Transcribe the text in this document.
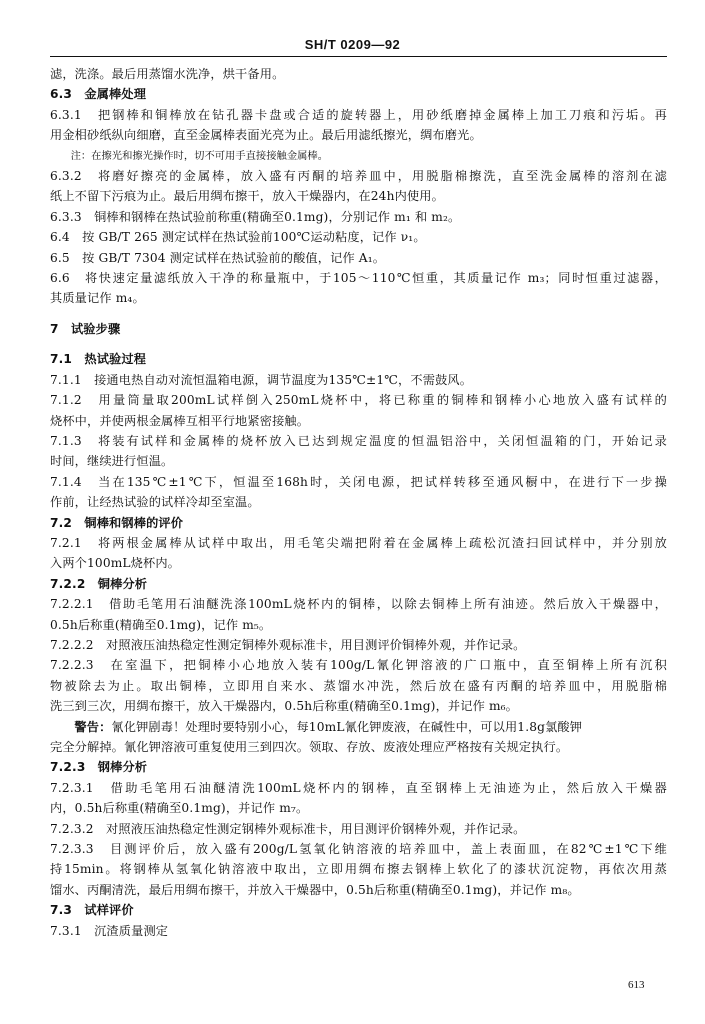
SH/T 0209—92
滤，洗涤。最后用蒸馏水洗净，烘干备用。
6.3　金属棒处理
6.3.1　把钢棒和铜棒放在钻孔器卡盘或合适的旋转器上，用砂纸磨掉金属棒上加工刀痕和污垢。再
用金相砂纸纵向细磨，直至金属棒表面光亮为止。最后用滤纸擦光，绸布磨光。
注：在擦光和擦光操作时，切不可用手直接接触金属棒。
6.3.2　将磨好擦亮的金属棒，放入盛有丙酮的培养皿中，用脱脂棉擦洗，直至洗金属棒的溶剂在滤
纸上不留下污痕为止。最后用绸布擦干，放入干燥器内，在24h内使用。
6.3.3　铜棒和钢棒在热试验前称重(精确至0.1mg)，分别记作 m₁ 和 m₂。
6.4　按 GB/T 265 测定试样在热试验前100℃运动粘度，记作 ν₁。
6.5　按 GB/T 7304 测定试样在热试验前的酸值，记作 A₁。
6.6　将快速定量滤纸放入干净的称量瓶中，于105～110℃恒重，其质量记作 m₃；同时恒重过滤器，
其质量记作 m₄。
7　试验步骤
7.1　热试验过程
7.1.1　接通电热自动对流恒温箱电源，调节温度为135℃±1℃，不需鼓风。
7.1.2　用量筒量取200mL试样倒入250mL烧杯中，将已称重的铜棒和钢棒小心地放入盛有试样的
烧杯中，并使两根金属棒互相平行地紧密接触。
7.1.3　将装有试样和金属棒的烧杯放入已达到规定温度的恒温铝浴中，关闭恒温箱的门，开始记录
时间，继续进行恒温。
7.1.4　当在135℃±1℃下，恒温至168h时，关闭电源，把试样转移至通风橱中，在进行下一步操
作前，让经热试验的试样冷却至室温。
7.2　铜棒和钢棒的评价
7.2.1　将两根金属棒从试样中取出，用毛笔尖端把附着在金属棒上疏松沉渣扫回试样中，并分别放
入两个100mL烧杯内。
7.2.2　铜棒分析
7.2.2.1　借助毛笔用石油醚洗涤100mL烧杯内的铜棒，以除去铜棒上所有油迹。然后放入干燥器中，
0.5h后称重(精确至0.1mg)，记作 m₅。
7.2.2.2　对照液压油热稳定性测定铜棒外观标准卡，用目测评价铜棒外观，并作记录。
7.2.2.3　在室温下，把铜棒小心地放入装有100g/L氰化钾溶液的广口瓶中，直至铜棒上所有沉积
物被除去为止。取出铜棒，立即用自来水、蒸馏水冲洗，然后放在盛有丙酮的培养皿中，用脱脂棉
洗三到三次，用绸布擦干，放入干燥器内，0.5h后称重(精确至0.1mg)，并记作 m₆。
警告：氰化钾剧毒！处理时要特别小心，每10mL氰化钾废液，在碱性中，可以用1.8g氯酸钾
完全分解掉。氰化钾溶液可重复使用三到四次。领取、存放、废液处理应严格按有关规定执行。
7.2.3　钢棒分析
7.2.3.1　借助毛笔用石油醚清洗100mL烧杯内的钢棒，直至钢棒上无油迹为止，然后放入干燥器
内，0.5h后称重(精确至0.1mg)，并记作 m₇。
7.2.3.2　对照液压油热稳定性测定钢棒外观标准卡，用目测评价钢棒外观，并作记录。
7.2.3.3　目测评价后，放入盛有200g/L氢氧化钠溶液的培养皿中，盖上表面皿，在82℃±1℃下维
持15min。将钢棒从氢氧化钠溶液中取出，立即用绸布擦去钢棒上软化了的漆状沉淀物，再依次用蒸
馏水、丙酮清洗，最后用绸布擦干，并放入干燥器中，0.5h后称重(精确至0.1mg)，并记作 m₈。
7.3　试样评价
7.3.1　沉渣质量测定
613
